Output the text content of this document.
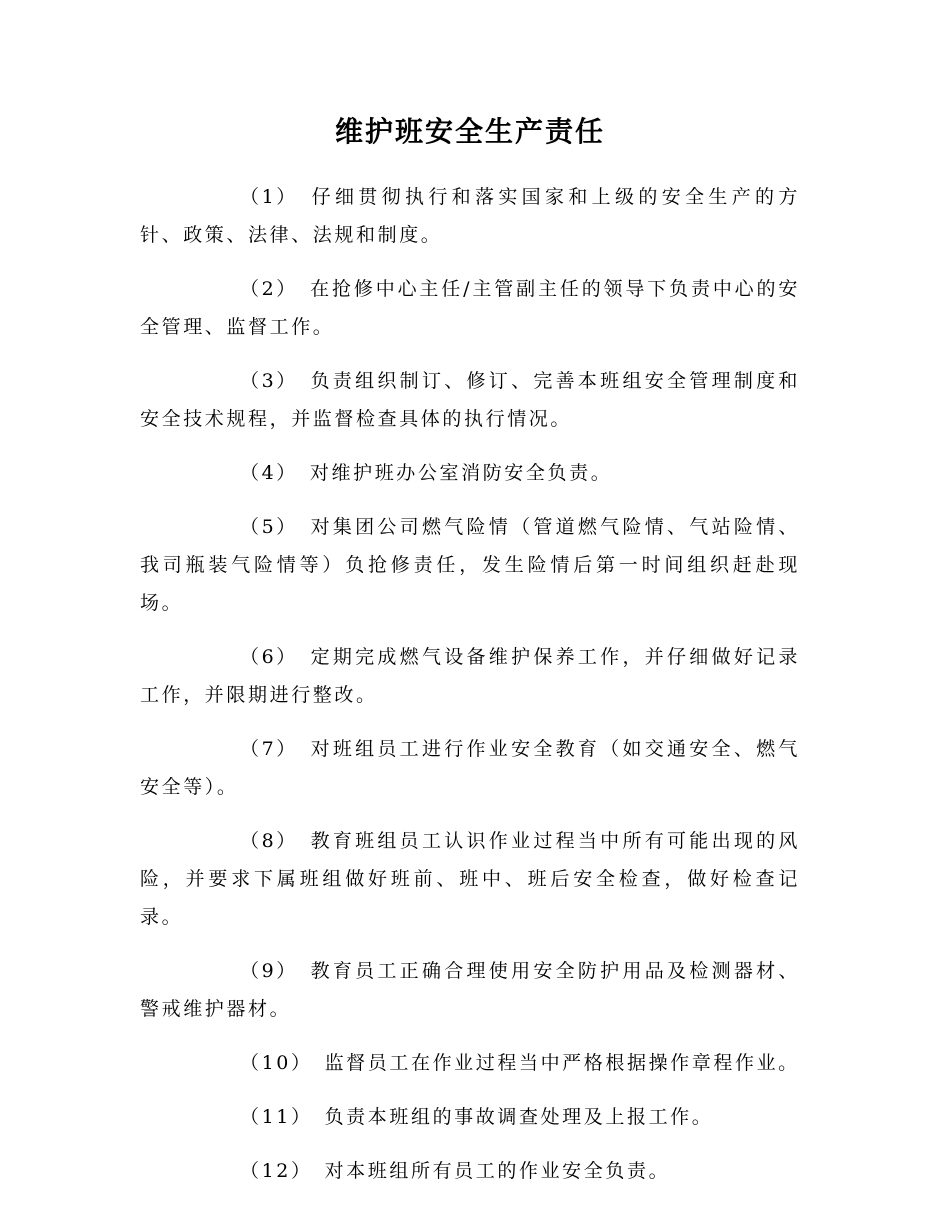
维护班安全生产责任

（1） 仔细贯彻执行和落实国家和上级的安全生产的方针、政策、法律、法规和制度。

（2） 在抢修中心主任/主管副主任的领导下负责中心的安全管理、监督工作。

（3） 负责组织制订、修订、完善本班组安全管理制度和安全技术规程，并监督检查具体的执行情况。

（4） 对维护班办公室消防安全负责。

（5） 对集团公司燃气险情（管道燃气险情、气站险情、我司瓶装气险情等）负抢修责任，发生险情后第一时间组织赶赴现场。

（6） 定期完成燃气设备维护保养工作，并仔细做好记录工作，并限期进行整改。

（7） 对班组员工进行作业安全教育（如交通安全、燃气安全等）。

（8） 教育班组员工认识作业过程当中所有可能出现的风险，并要求下属班组做好班前、班中、班后安全检查，做好检查记录。

（9） 教育员工正确合理使用安全防护用品及检测器材、警戒维护器材。

（10） 监督员工在作业过程当中严格根据操作章程作业。

（11） 负责本班组的事故调查处理及上报工作。

（12） 对本班组所有员工的作业安全负责。
